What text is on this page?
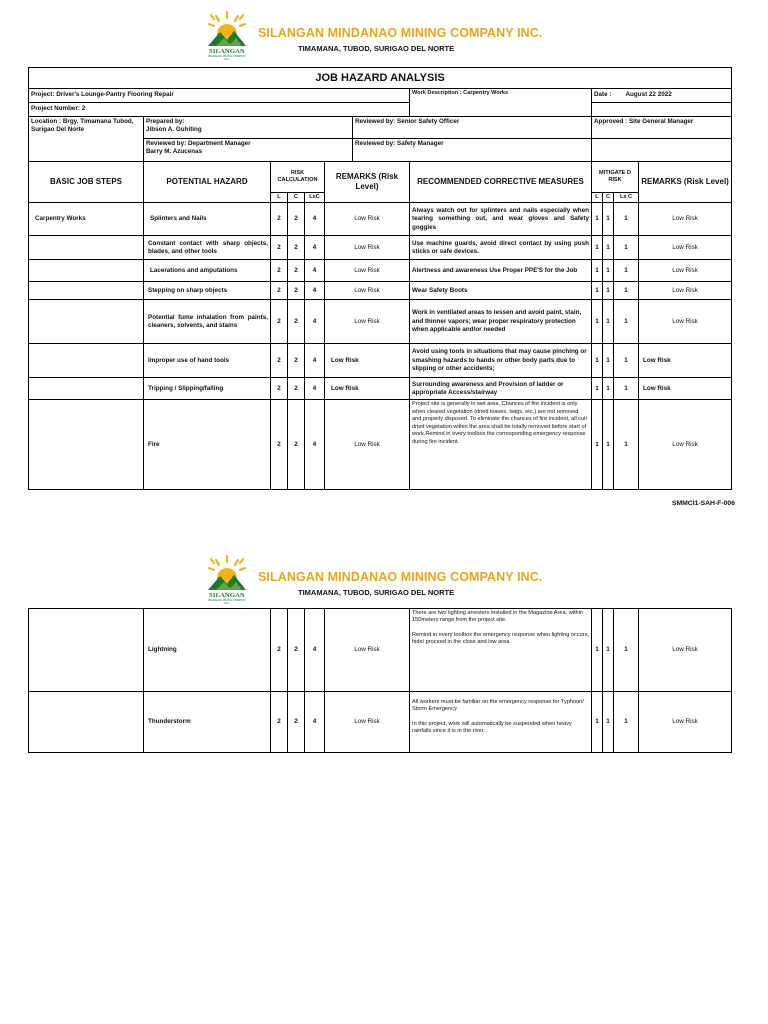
SILANGAN
MINDANAO MINING COMPANY INC.
SILANGAN MINDANAO MINING COMPANY INC.
TIMAMANA, TUBOD, SURIGAO DEL NORTE
JOB HAZARD ANALYSIS											
Project: Driver's Lounge-Pantry Flooring Repair							Work Description : Carpentry Works	Date : August 22 2022			
Project Number: 2											
Location : Brgy. Timamana Tubod, Surigao Del Norte	Prepared by:
Jibson A. Guhiting					Reviewed by: Senior Safety Officer		Approved : Site General Manager			

	Reviewed by: Department Manager
Barry M. Azucenas					Reviewed by: Safety Manager					
BASIC JOB STEPS	POTENTIAL HAZARD	RISK CALCULATION			REMARKS (Risk Level)		RECOMMENDED CORRECTIVE MEASURES	MITIGATE D RISK			REMARKS (Risk Level)
		L	C	LxC				L	C	Lx C	
Carpentry Works	Splinters and Nails	2	2	4	Low Risk		Always watch out for splinters and nails especially when tearing something out, and wear gloves and Safety goggles	1	1	1	Low Risk
	Constant contact with sharp objects, blades, and other tools	2	2	4	Low Risk		Use machine guards, avoid direct contact by using push sticks or safe devices.	1	1	1	Low Risk
	Lacerations and amputations	2	2	4	Low Risk		Alertness and awareness Use Proper PPE'S for the Job	1	1	1	Low Risk
	Stepping on sharp objects	2	2	4	Low Risk		Wear Safety Boots	1	1	1	Low Risk
	Potential fume inhalation from paints, cleaners, solvents, and stains	2	2	4	Low Risk		Work in ventilated areas to lessen and avoid paint, stain, and thinner vapors; wear proper respiratory protection when applicable and/or needed	1	1	1	Low Risk
	Improper use of hand tools	2	2	4	Low Risk		Avoid using tools in situations that may cause pinching or smashing hazards to hands or other body parts due to slipping or other accidents;	1	1	1	Low Risk
	Tripping / Slipping/falling	2	2	4	Low Risk		Surrounding awareness and Provision of ladder or appropriate Access/stairway	1	1	1	Low Risk
	Fire	2	2	4	Low Risk		Project site is generally in wet area. Chances of fire incident is only when cleared vegetation (dried leaves, twigs, etc.) are not removed and properly disposed. To eliminate the chances of fire incident, all cut/ dried vegetation within the area shall be totally removed before start of work.Remind in every toolbox the corresponding emergency response during fire incident.	1	1	1	Low Risk
SMMCI1-SAH-F-006
SILANGAN
MINDANAO MINING COMPANY INC.
SILANGAN MINDANAO MINING COMPANY INC.
TIMAMANA, TUBOD, SURIGAO DEL NORTE
	Lightning	2	2	4	Low Risk	There are two lighting arresters installed in the Magazine Area, within 150meters range from the project site.
Remind in every toolbox the emergency response when lighting occurs, hide/ proceed in the close and low area.	1	1	1	Low Risk
	Thunderstorm	2	2	4	Low Risk	All workers must be familiar on the emergency response for Typhoon/ Storm Emergency.
In this project, work will automatically be suspended when heavy rainfalls since it is in the river.	1	1	1	Low Risk
